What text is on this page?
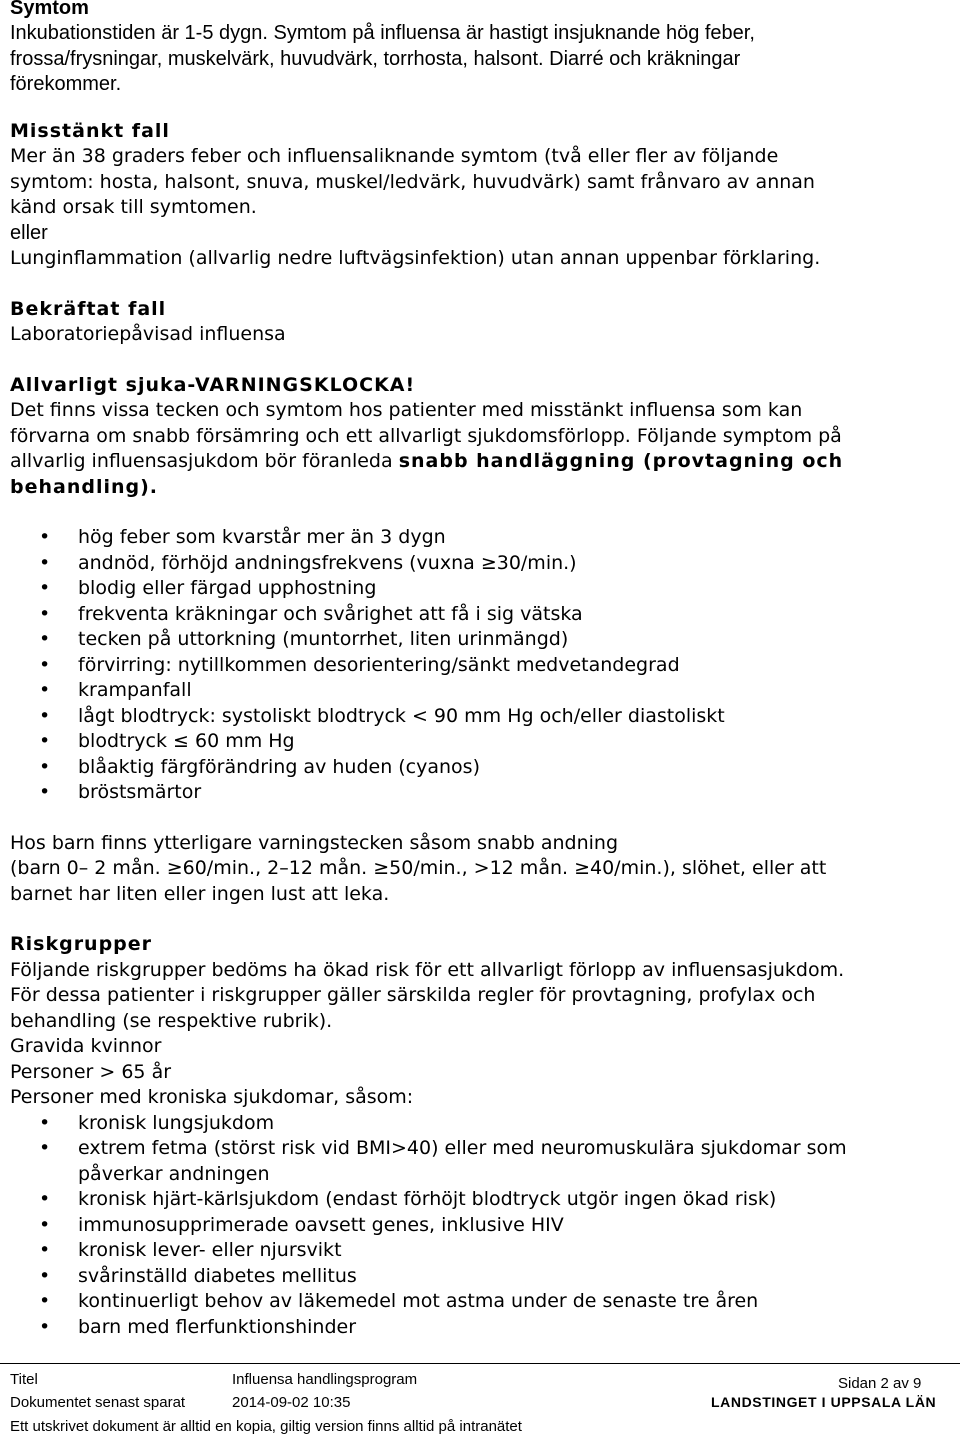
Symtom

Inkubationstiden är 1-5 dygn. Symtom på influensa är hastigt insjuknande hög feber,

frossa/frysningar, muskelvärk, huvudvärk, torrhosta, halsont. Diarré och kräkningar

förekommer.

Misstänkt fall

Mer än 38 graders feber och influensaliknande symtom (två eller fler av följande

symtom: hosta, halsont, snuva, muskel/ledvärk, huvudvärk) samt frånvaro av annan

känd orsak till symtomen.

eller

Lunginflammation (allvarlig nedre luftvägsinfektion) utan annan uppenbar förklaring.

Bekräftat fall

Laboratoriepåvisad influensa

Allvarligt sjuka-VARNINGSKLOCKA!

Det finns vissa tecken och symtom hos patienter med misstänkt influensa som kan

förvarna om snabb försämring och ett allvarligt sjukdomsförlopp. Följande symptom på

allvarlig influensasjukdom bör föranleda snabb handläggning (provtagning och

behandling).

• hög feber som kvarstår mer än 3 dygn
• andnöd, förhöjd andningsfrekvens (vuxna ≥30/min.)
• blodig eller färgad upphostning
• frekventa kräkningar och svårighet att få i sig vätska
• tecken på uttorkning (muntorrhet, liten urinmängd)
• förvirring: nytillkommen desorientering/sänkt medvetandegrad
• krampanfall
• lågt blodtryck: systoliskt blodtryck < 90 mm Hg och/eller diastoliskt
• blodtryck ≤ 60 mm Hg
• blåaktig färgförändring av huden (cyanos)
• bröstsmärtor

Hos barn finns ytterligare varningstecken såsom snabb andning

(barn 0– 2 mån. ≥60/min., 2–12 mån. ≥50/min., >12 mån. ≥40/min.), slöhet, eller att

barnet har liten eller ingen lust att leka.

Riskgrupper

Följande riskgrupper bedöms ha ökad risk för ett allvarligt förlopp av influensasjukdom.

För dessa patienter i riskgrupper gäller särskilda regler för provtagning, profylax och

behandling (se respektive rubrik).

Gravida kvinnor

Personer > 65 år

Personer med kroniska sjukdomar, såsom:

• kronisk lungsjukdom
• extrem fetma (störst risk vid BMI>40) eller med neuromuskulära sjukdomar som
påverkar andningen
• kronisk hjärt-kärlsjukdom (endast förhöjt blodtryck utgör ingen ökad risk)
• immunosupprimerade oavsett genes, inklusive HIV
• kronisk lever- eller njursvikt
• svårinställd diabetes mellitus
• kontinuerligt behov av läkemedel mot astma under de senaste tre åren
• barn med flerfunktionshinder
Titel	Influensa handlingsprogram
Dokumentet senast sparat	2014-09-02 10:35
Sidan 2 av 9
LANDSTINGET I UPPSALA LÄN
Ett utskrivet dokument är alltid en kopia, giltig version finns alltid på intranätet
